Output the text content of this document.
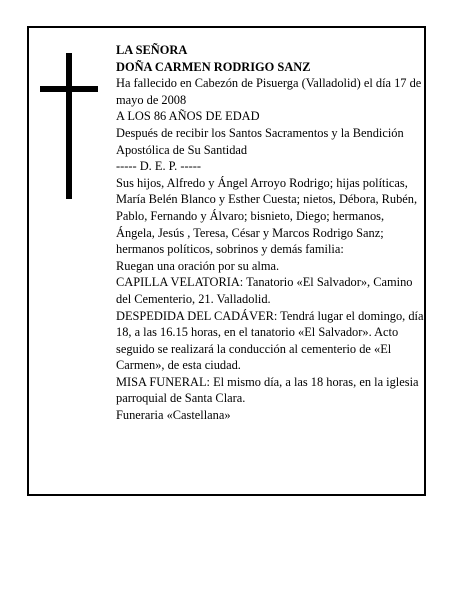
LA SEÑORA

DOÑA CARMEN RODRIGO SANZ

Ha fallecido en Cabezón de Pisuerga (Valladolid) el día 17 de mayo de 2008

A LOS 86 AÑOS DE EDAD

Después de recibir los Santos Sacramentos y la Bendición Apostólica de Su Santidad

----- D. E. P. -----

Sus hijos, Alfredo y Ángel Arroyo Rodrigo; hijas políticas, María Belén Blanco y Esther Cuesta; nietos, Débora, Rubén, Pablo, Fernando y Álvaro; bisnieto, Diego; hermanos, Ángela, Jesús , Teresa, César y Marcos Rodrigo Sanz; hermanos políticos, sobrinos y demás familia:

Ruegan una oración por su alma.

CAPILLA VELATORIA: Tanatorio «El Salvador», Camino del Cementerio, 21. Valladolid.

DESPEDIDA DEL CADÁVER: Tendrá lugar el domingo, día 18, a las 16.15 horas, en el tanatorio «El Salvador». Acto seguido se realizará la conducción al cementerio de «El Carmen», de esta ciudad.

MISA FUNERAL: El mismo día, a las 18 horas, en la iglesia parroquial de Santa Clara.

Funeraria «Castellana»
